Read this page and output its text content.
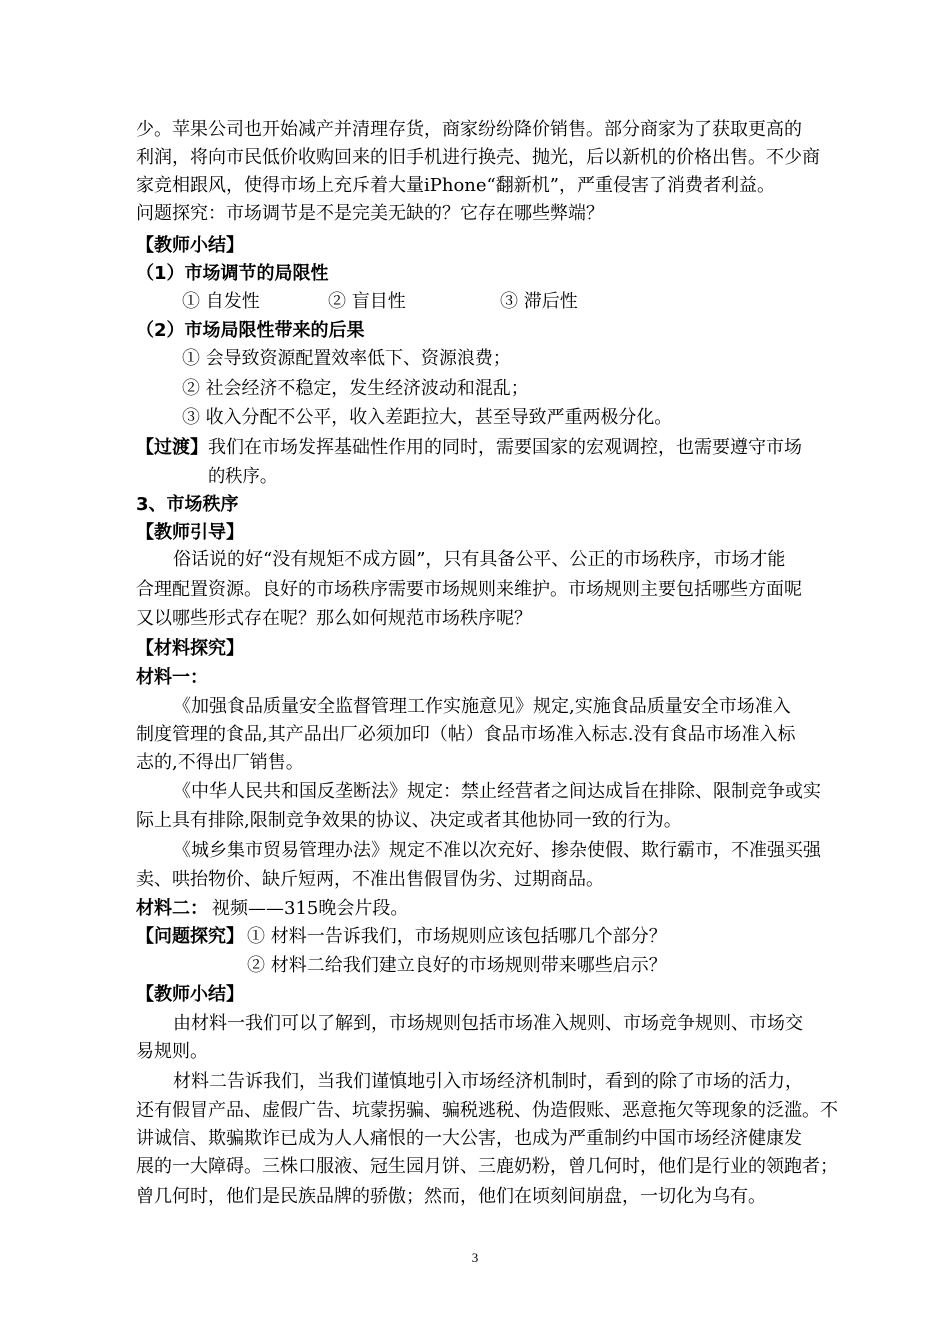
少。苹果公司也开始减产并清理存货，商家纷纷降价销售。部分商家为了获取更高的
利润，将向市民低价收购回来的旧手机进行换壳、抛光，后以新机的价格出售。不少商
家竞相跟风，使得市场上充斥着大量iPhone“翻新机”，严重侵害了消费者利益。
问题探究：市场调节是不是完美无缺的？它存在哪些弊端？
【教师小结】
（1）市场调节的局限性
① 自发性	② 盲目性	③ 滞后性
（2）市场局限性带来的后果
① 会导致资源配置效率低下、资源浪费；
② 社会经济不稳定，发生经济波动和混乱；
③ 收入分配不公平，收入差距拉大，甚至导致严重两极分化。
【过渡】 我们在市场发挥基础性作用的同时，需要国家的宏观调控，也需要遵守市场
的秩序。
3、市场秩序
【教师引导】
俗话说的好“没有规矩不成方圆”，只有具备公平、公正的市场秩序，市场才能
合理配置资源。良好的市场秩序需要市场规则来维护。市场规则主要包括哪些方面呢
又以哪些形式存在呢？那么如何规范市场秩序呢？
【材料探究】
材料一：
《加强食品质量安全监督管理工作实施意见》规定,实施食品质量安全市场准入
制度管理的食品,其产品出厂必须加印（帖）食品市场准入标志.没有食品市场准入标
志的,不得出厂销售。
《中华人民共和国反垄断法》规定：禁止经营者之间达成旨在排除、限制竞争或实
际上具有排除,限制竞争效果的协议、决定或者其他协同一致的行为。
《城乡集市贸易管理办法》规定不准以次充好、掺杂使假、欺行霸市，不准强买强
卖、哄抬物价、缺斤短两，不准出售假冒伪劣、过期商品。
材料二： 视频——315晚会片段。
【问题探究】 ① 材料一告诉我们，市场规则应该包括哪几个部分？
② 材料二给我们建立良好的市场规则带来哪些启示？
【教师小结】
由材料一我们可以了解到，市场规则包括市场准入规则、市场竞争规则、市场交
易规则。
材料二告诉我们，当我们谨慎地引入市场经济机制时，看到的除了市场的活力，
还有假冒产品、虚假广告、坑蒙拐骗、骗税逃税、伪造假账、恶意拖欠等现象的泛滥。不
讲诚信、欺骗欺诈已成为人人痛恨的一大公害，也成为严重制约中国市场经济健康发
展的一大障碍。三株口服液、冠生园月饼、三鹿奶粉，曾几何时，他们是行业的领跑者；
曾几何时，他们是民族品牌的骄傲；然而，他们在顷刻间崩盘，一切化为乌有。
3
